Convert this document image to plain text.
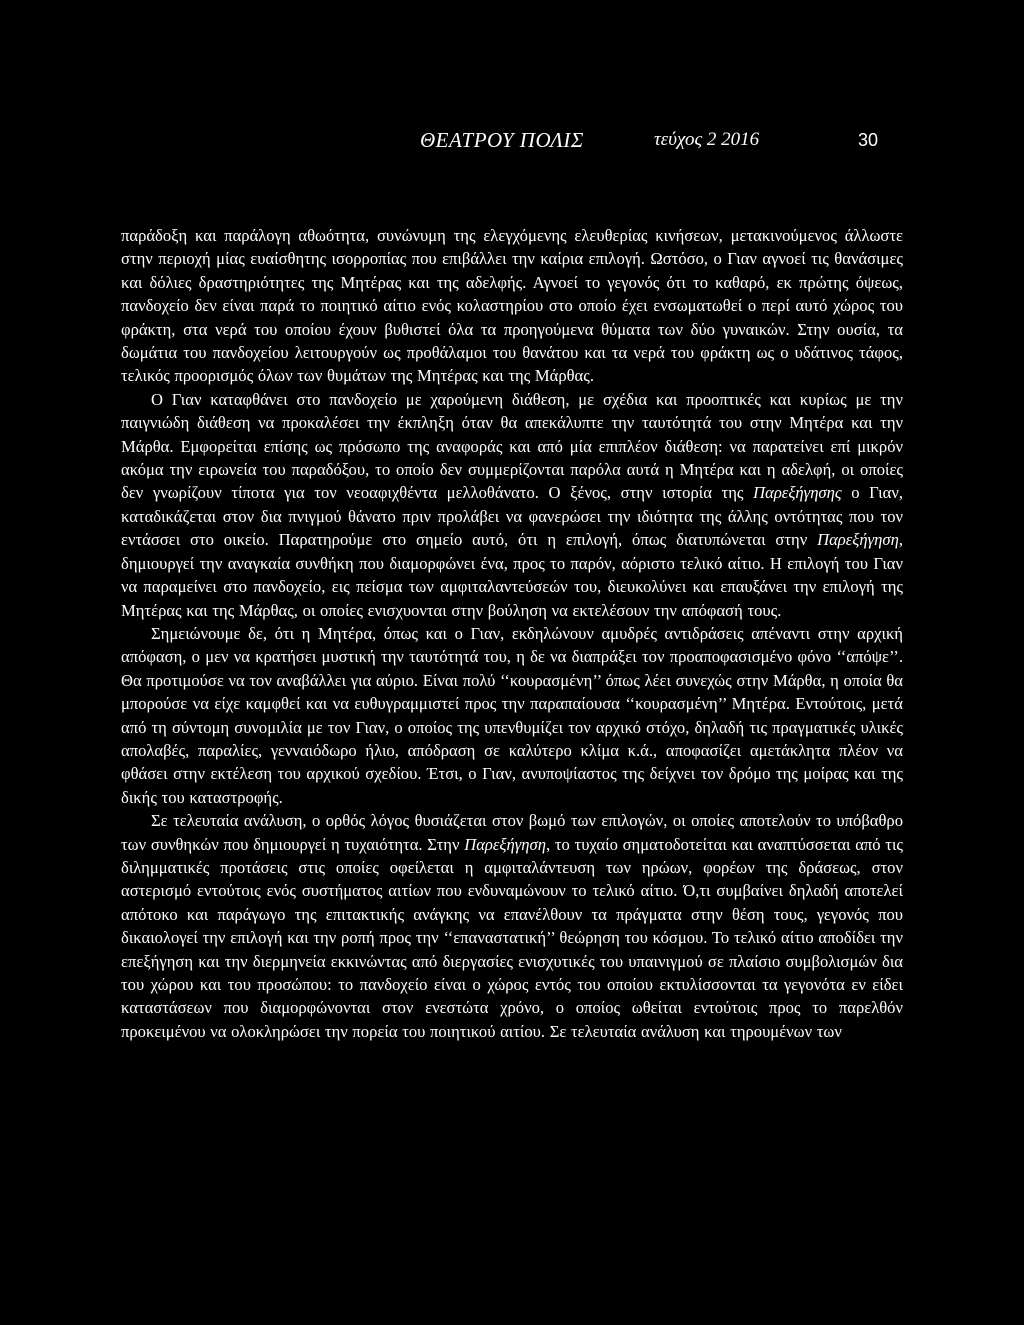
ΘΕΑΤΡΟΥ ΠΟΛΙΣ	τεύχος 2 2016	30

παράδοξη και παράλογη αθωότητα, συνώνυμη της ελεγχόμενης ελευθερίας κινήσεων, μετακινούμενος άλλωστε στην περιοχή μίας ευαίσθητης ισορροπίας που επιβάλλει την καίρια επιλογή. Ωστόσο, ο Γιαν αγνοεί τις θανάσιμες και δόλιες δραστηριότητες της Μητέρας και της αδελφής. Αγνοεί το γεγονός ότι το καθαρό, εκ πρώτης όψεως, πανδοχείο δεν είναι παρά το ποιητικό αίτιο ενός κολαστηρίου στο οποίο έχει ενσωματωθεί ο περί αυτό χώρος του φράκτη, στα νερά του οποίου έχουν βυθιστεί όλα τα προηγούμενα θύματα των δύο γυναικών. Στην ουσία, τα δωμάτια του πανδοχείου λειτουργούν ως προθάλαμοι του θανάτου και τα νερά του φράκτη ως ο υδάτινος τάφος, τελικός προορισμός όλων των θυμάτων της Μητέρας και της Μάρθας.

Ο Γιαν καταφθάνει στο πανδοχείο με χαρούμενη διάθεση, με σχέδια και προοπτικές και κυρίως με την παιγνιώδη διάθεση να προκαλέσει την έκπληξη όταν θα απεκάλυπτε την ταυτότητά του στην Μητέρα και την Μάρθα. Εμφορείται επίσης ως πρόσωπο της αναφοράς και από μία επιπλέον διάθεση: να παρατείνει επί μικρόν ακόμα την ειρωνεία του παραδόξου, το οποίο δεν συμμερίζονται παρόλα αυτά η Μητέρα και η αδελφή, οι οποίες δεν γνωρίζουν τίποτα για τον νεοαφιχθέντα μελλοθάνατο. Ο ξένος, στην ιστορία της Παρεξήγησης ο Γιαν, καταδικάζεται στον δια πνιγμού θάνατο πριν προλάβει να φανερώσει την ιδιότητα της άλλης οντότητας που τον εντάσσει στο οικείο. Παρατηρούμε στο σημείο αυτό, ότι η επιλογή, όπως διατυπώνεται στην Παρεξήγηση, δημιουργεί την αναγκαία συνθήκη που διαμορφώνει ένα, προς το παρόν, αόριστο τελικό αίτιο. Η επιλογή του Γιαν να παραμείνει στο πανδοχείο, εις πείσμα των αμφιταλαντεύσεών του, διευκολύνει και επαυξάνει την επιλογή της Μητέρας και της Μάρθας, οι οποίες ενισχυονται στην βούληση να εκτελέσουν την απόφασή τους.

Σημειώνουμε δε, ότι η Μητέρα, όπως και ο Γιαν, εκδηλώνουν αμυδρές αντιδράσεις απέναντι στην αρχική απόφαση, ο μεν να κρατήσει μυστική την ταυτότητά του, η δε να διαπράξει τον προαποφασισμένο φόνο ‘‘απόψε’’. Θα προτιμούσε να τον αναβάλλει για αύριο. Είναι πολύ ‘‘κουρασμένη’’ όπως λέει συνεχώς στην Μάρθα, η οποία θα μπορούσε να είχε καμφθεί και να ευθυγραμμιστεί προς την παραπαίουσα ‘‘κουρασμένη’’ Μητέρα. Εντούτοις, μετά από τη σύντομη συνομιλία με τον Γιαν, ο οποίος της υπενθυμίζει τον αρχικό στόχο, δηλαδή τις πραγματικές υλικές απολαβές, παραλίες, γενναιόδωρο ήλιο, απόδραση σε καλύτερο κλίμα κ.ά., αποφασίζει αμετάκλητα πλέον να φθάσει στην εκτέλεση του αρχικού σχεδίου. Έτσι, ο Γιαν, ανυποψίαστος της δείχνει τον δρόμο της μοίρας και της δικής του καταστροφής.

Σε τελευταία ανάλυση, ο ορθός λόγος θυσιάζεται στον βωμό των επιλογών, οι οποίες αποτελούν το υπόβαθρο των συνθηκών που δημιουργεί η τυχαιότητα. Στην Παρεξήγηση, το τυχαίο σηματοδοτείται και αναπτύσσεται από τις διλημματικές προτάσεις στις οποίες οφείλεται η αμφιταλάντευση των ηρώων, φορέων της δράσεως, στον αστερισμό εντούτοις ενός συστήματος αιτίων που ενδυναμώνουν το τελικό αίτιο. Ό,τι συμβαίνει δηλαδή αποτελεί απότοκο και παράγωγο της επιτακτικής ανάγκης να επανέλθουν τα πράγματα στην θέση τους, γεγονός που δικαιολογεί την επιλογή και την ροπή προς την ‘‘επαναστατική’’ θεώρηση του κόσμου. Το τελικό αίτιο αποδίδει την επεξήγηση και την διερμηνεία εκκινώντας από διεργασίες ενισχυτικές του υπαινιγμού σε πλαίσιο συμβολισμών δια του χώρου και του προσώπου: το πανδοχείο είναι ο χώρος εντός του οποίου εκτυλίσσονται τα γεγονότα εν είδει καταστάσεων που διαμορφώνονται στον ενεστώτα χρόνο, ο οποίος ωθείται εντούτοις προς το παρελθόν προκειμένου να ολοκληρώσει την πορεία του ποιητικού αιτίου. Σε τελευταία ανάλυση και τηρουμένων των
